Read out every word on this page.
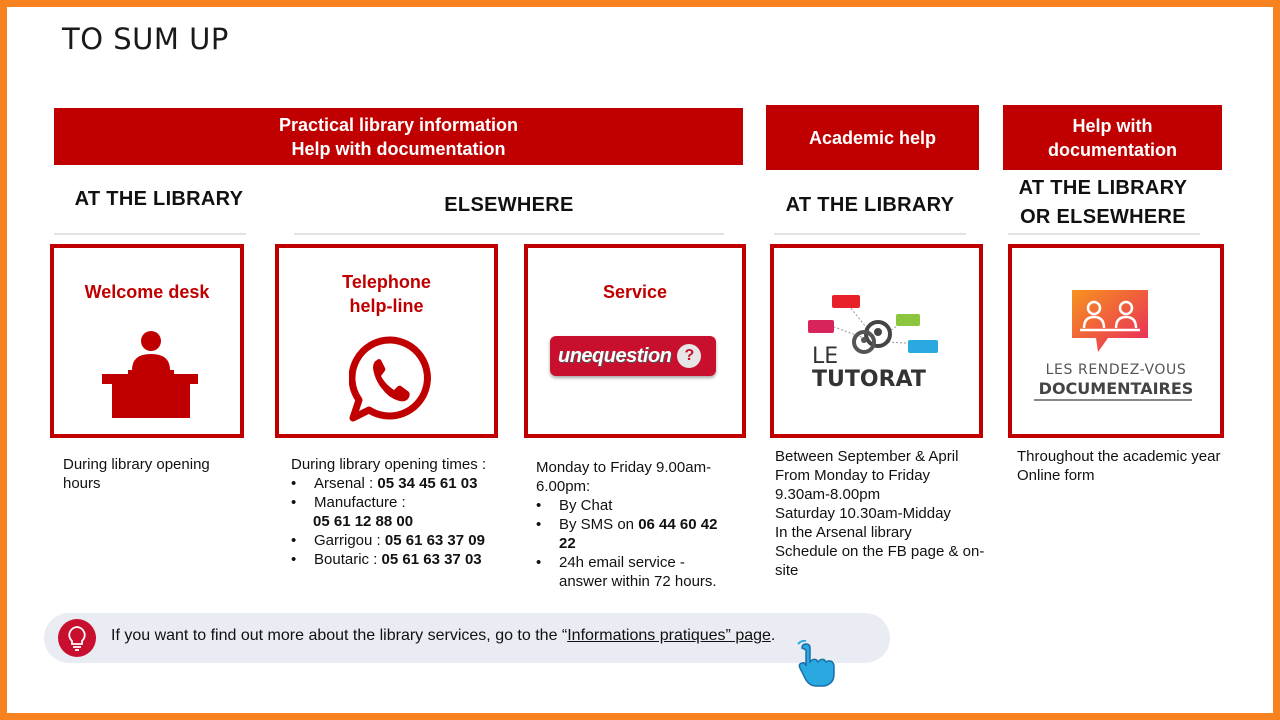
TO SUM UP
Practical library information
Help with documentation
Academic help
Help with
documentation
AT THE LIBRARY	ELSEWHERE	AT THE LIBRARY
AT THE LIBRARY
OR ELSEWHERE
Welcome desk	Telephone
help-line
Service
unequestion ?	LE
TUTORAT	LES RENDEZ-VOUS
DOCUMENTAIRES
During library opening
hours
During library opening times :
• Arsenal : 05 34 45 61 03
• Manufacture :
05 61 12 88 00
• Garrigou : 05 61 63 37 09
• Boutaric : 05 61 63 37 03
Monday to Friday 9.00am-
6.00pm:
• By Chat
• By SMS on 06 44 60 42
22
• 24h email service -
answer within 72 hours.
Between September & April
From Monday to Friday
9.30am-8.00pm
Saturday 10.30am-Midday
In the Arsenal library
Schedule on the FB page & on-
site
Throughout the academic year
Online form
If you want to find out more about the library services, go to the “Informations pratiques” page.
